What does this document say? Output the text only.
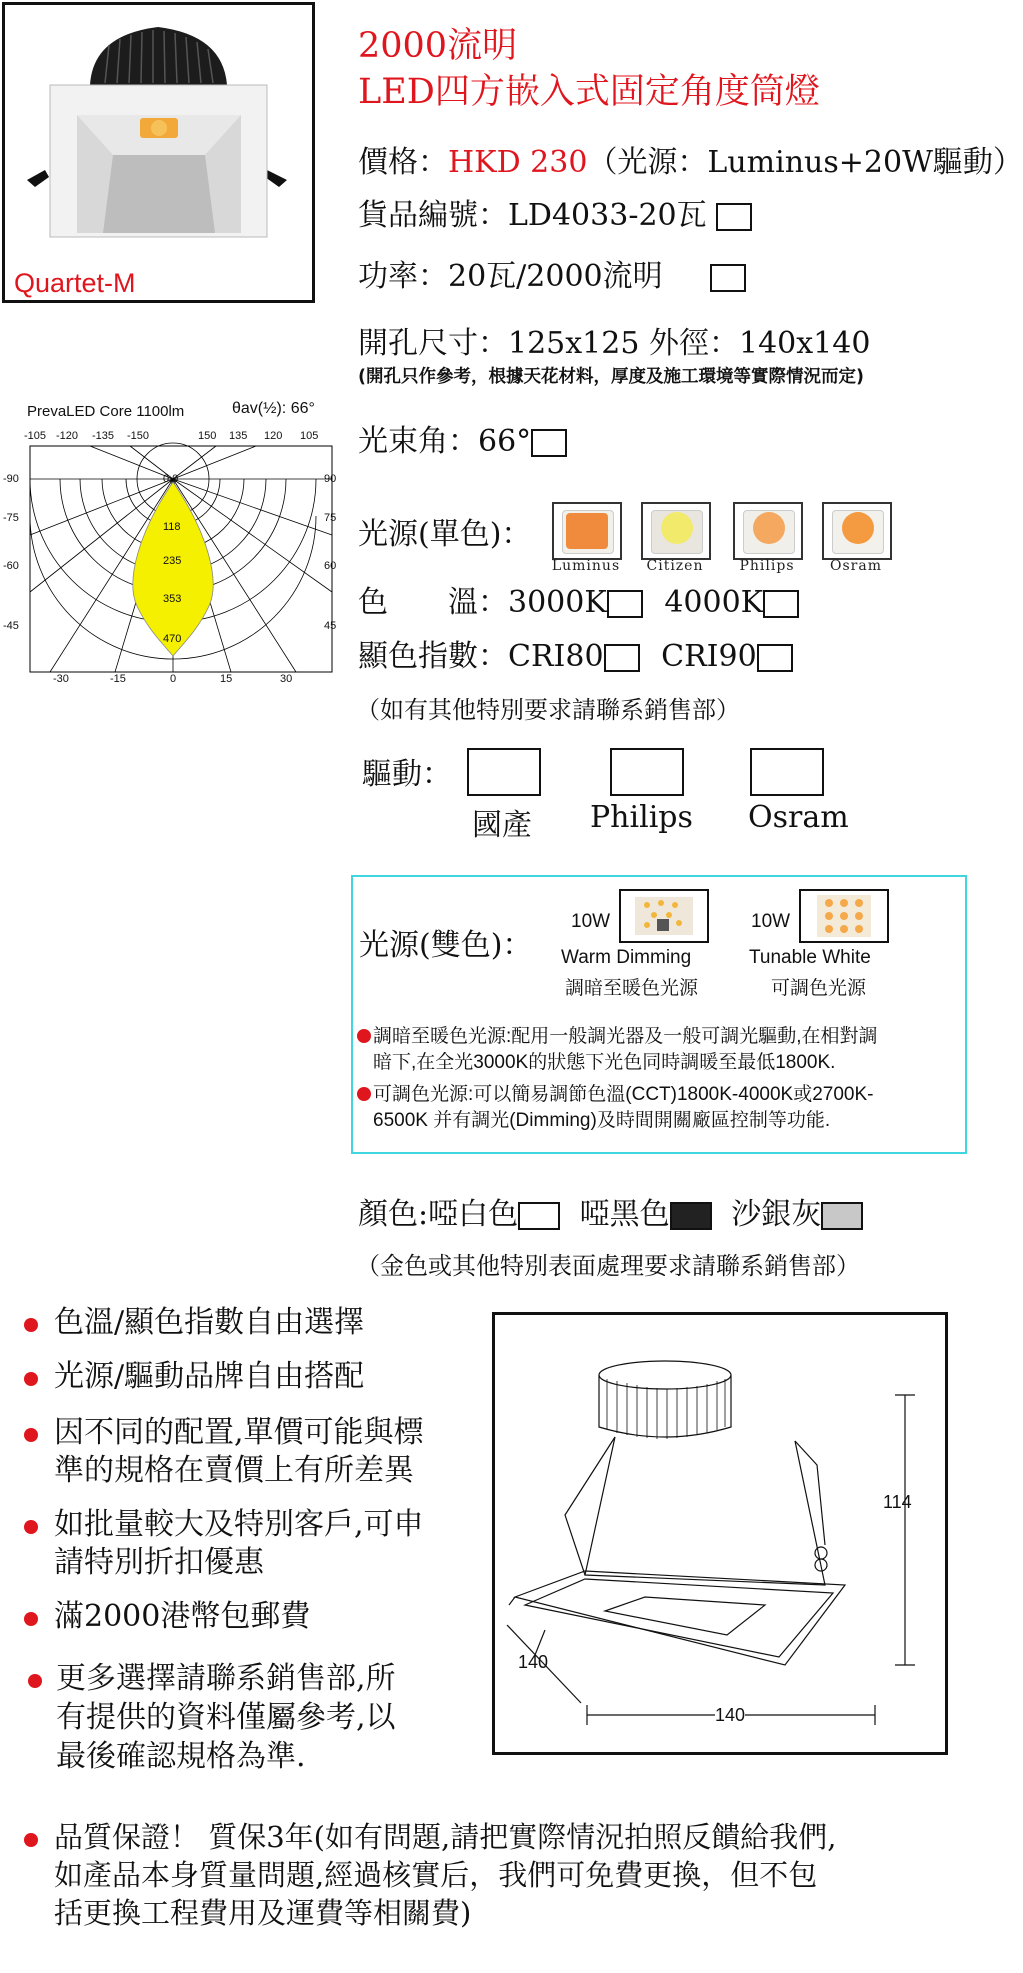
Quartet-M
2000流明
LED四方嵌入式固定角度筒燈
價格：HKD 230（光源：Luminus+20W驅動）
貨品編號：LD4033-20瓦
功率：20瓦/2000流明
開孔尺寸：125x125 外徑：140x140
(開孔只作參考，根據天花材料，厚度及施工環境等實際情況而定)
光束角：66°
PrevaLED Core 1100lm	θav(½): 66°
-105 -120 -135 -150	150 135 120 105
-90
-75
-60
-45
90
75
60
45
-30	-15	0	15	30
0.0
118
235
353
470
光源(單色)：
Luminus	Citizen	Philips	Osram
色　　溫：3000K 4000K
顯色指數：CRI80 CRI90
（如有其他特別要求請聯系銷售部）
驅動：
國產 Philips Osram
光源(雙色)：
10W
Warm Dimming
調暗至暖色光源
10W
Tunable White
可調色光源
調暗至暖色光源:配用一般調光器及一般可調光驅動,在相對調
暗下,在全光3000K的狀態下光色同時調暖至最低1800K.
可調色光源:可以簡易調節色溫(CCT)1800K-4000K或2700K-
6500K 并有調光(Dimming)及時間開關廠區控制等功能.
顏色:啞白色 啞黑色 沙銀灰
（金色或其他特別表面處理要求請聯系銷售部）
色溫/顯色指數自由選擇
光源/驅動品牌自由搭配
因不同的配置,單價可能與標
準的規格在賣價上有所差異
如批量較大及特別客戶,可申
請特別折扣優惠
滿2000港幣包郵費
更多選擇請聯系銷售部,所
有提供的資料僅屬參考,以
最後確認規格為準.
114
140
140
品質保證！ 質保3年(如有問題,請把實際情況拍照反饋給我們,
如產品本身質量問題,經過核實后，我們可免費更換，但不包
括更換工程費用及運費等相關費)
